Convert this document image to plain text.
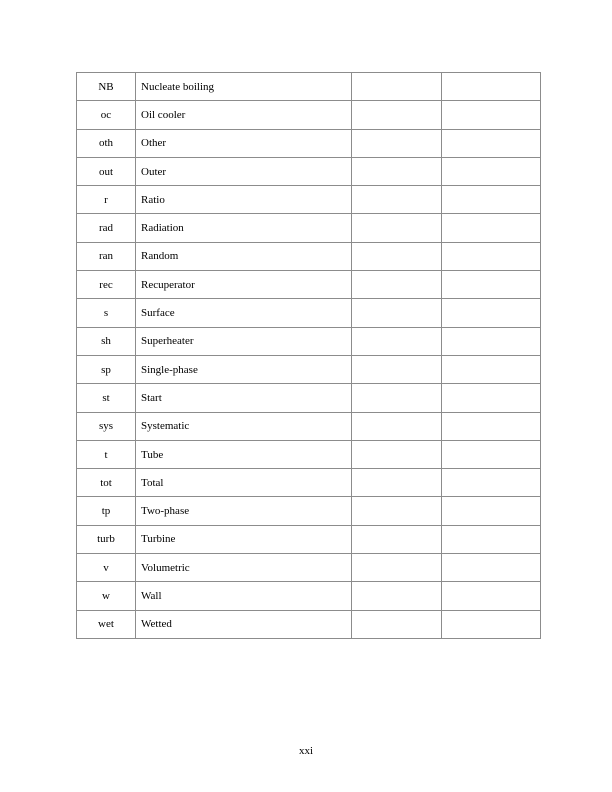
NB	Nucleate boiling		
oc	Oil cooler		
oth	Other		
out	Outer		
r	Ratio		
rad	Radiation		
ran	Random		
rec	Recuperator		
s	Surface		
sh	Superheater		
sp	Single-phase		
st	Start		
sys	Systematic		
t	Tube		
tot	Total		
tp	Two-phase		
turb	Turbine		
v	Volumetric		
w	Wall		
wet	Wetted		
xxi
